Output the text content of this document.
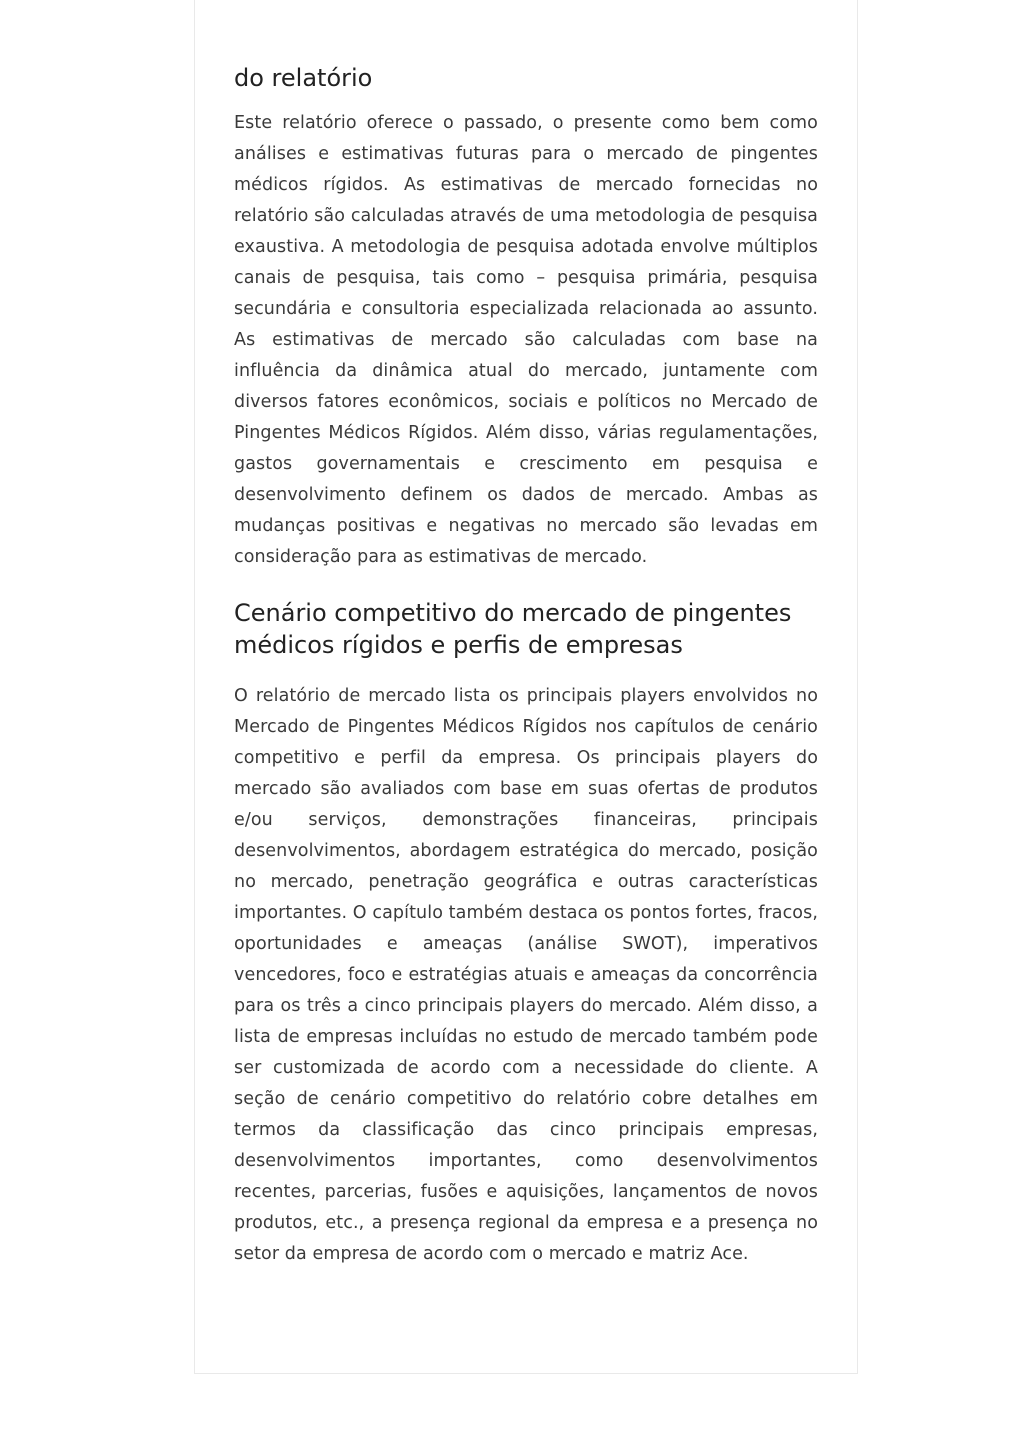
do relatório

Este relatório oferece o passado, o presente como bem como análises e estimativas futuras para o mercado de pingentes médicos rígidos. As estimativas de mercado fornecidas no relatório são calculadas através de uma metodologia de pesquisa exaustiva. A metodologia de pesquisa adotada envolve múltiplos canais de pesquisa, tais como – pesquisa primária, pesquisa secundária e consultoria especializada relacionada ao assunto. As estimativas de mercado são calculadas com base na influência da dinâmica atual do mercado, juntamente com diversos fatores econômicos, sociais e políticos no Mercado de Pingentes Médicos Rígidos. Além disso, várias regulamentações, gastos governamentais e crescimento em pesquisa e desenvolvimento definem os dados de mercado. Ambas as mudanças positivas e negativas no mercado são levadas em consideração para as estimativas de mercado.

Cenário competitivo do mercado de pingentes médicos rígidos e perfis de empresas

O relatório de mercado lista os principais players envolvidos no Mercado de Pingentes Médicos Rígidos nos capítulos de cenário competitivo e perfil da empresa. Os principais players do mercado são avaliados com base em suas ofertas de produtos e/ou serviços, demonstrações financeiras, principais desenvolvimentos, abordagem estratégica do mercado, posição no mercado, penetração geográfica e outras características importantes. O capítulo também destaca os pontos fortes, fracos, oportunidades e ameaças (análise SWOT), imperativos vencedores, foco e estratégias atuais e ameaças da concorrência para os três a cinco principais players do mercado. Além disso, a lista de empresas incluídas no estudo de mercado também pode ser customizada de acordo com a necessidade do cliente. A seção de cenário competitivo do relatório cobre detalhes em termos da classificação das cinco principais empresas, desenvolvimentos importantes, como desenvolvimentos recentes, parcerias, fusões e aquisições, lançamentos de novos produtos, etc., a presença regional da empresa e a presença no setor da empresa de acordo com o mercado e matriz Ace.
